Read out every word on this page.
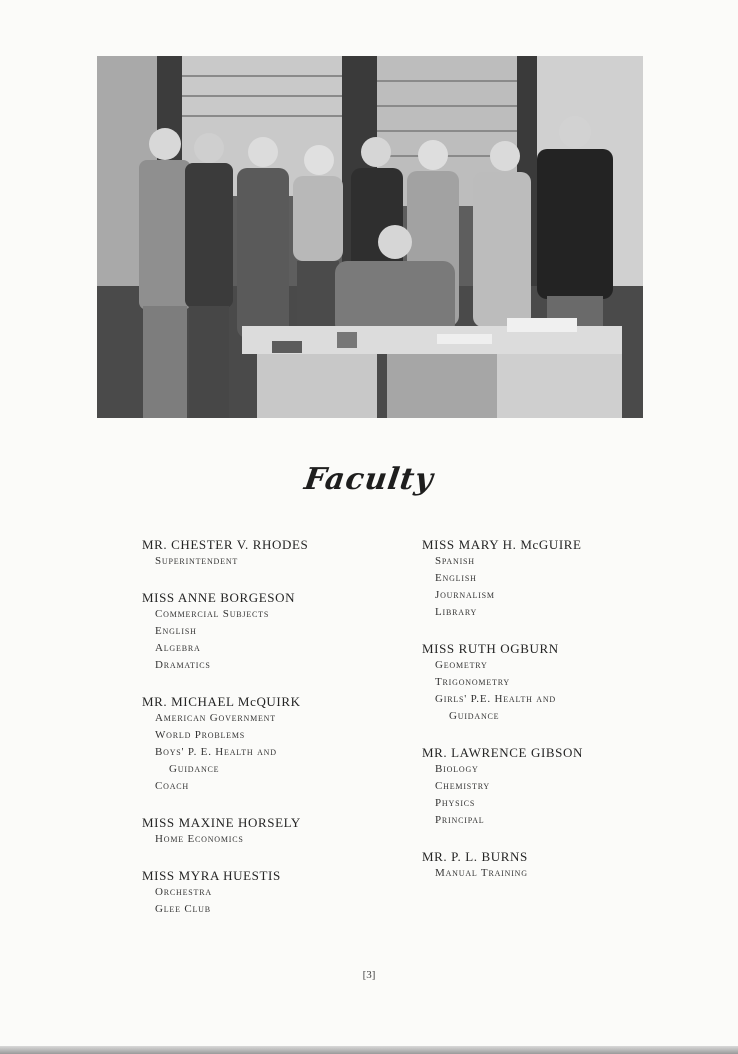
Faculty
MR. CHESTER V. RHODES
Superintendent
MISS ANNE BORGESON
Commercial Subjects
English
Algebra
Dramatics
MR. MICHAEL McQUIRK
American Government
World Problems
Boys' P. E. Health and
Guidance
Coach
MISS MAXINE HORSELY
Home Economics
MISS MYRA HUESTIS
Orchestra
Glee Club
MISS MARY H. McGUIRE
Spanish
English
Journalism
Library
MISS RUTH OGBURN
Geometry
Trigonometry
Girls' P.E. Health and
Guidance
MR. LAWRENCE GIBSON
Biology
Chemistry
Physics
Principal
MR. P. L. BURNS
Manual Training
[3]
